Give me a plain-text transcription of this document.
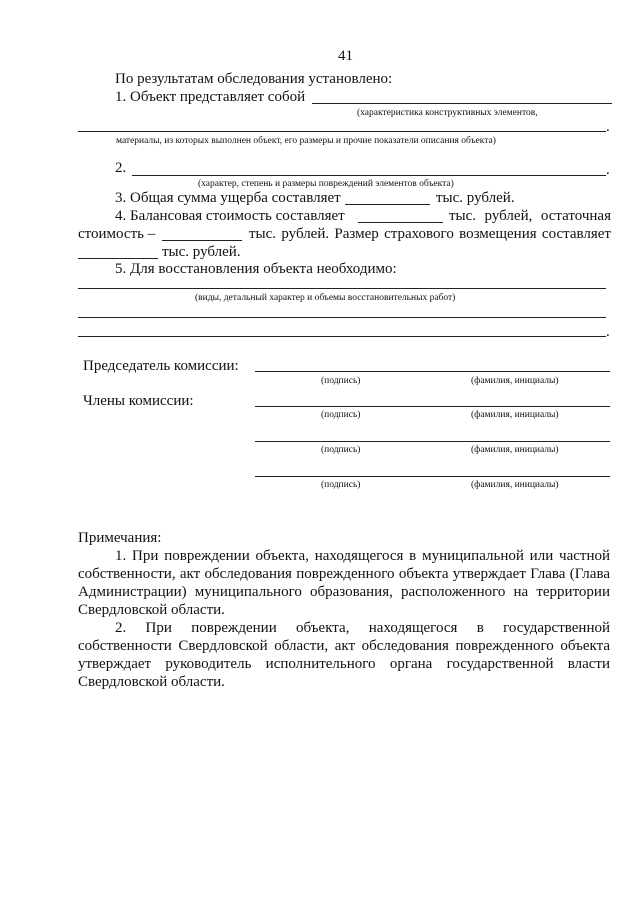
41
По результатам обследования установлено:
1. Объект представляет собой
(характеристика конструктивных элементов,
.
материалы, из которых выполнен объект, его размеры и прочие показатели описания объекта)
2.	.
(характер, степень и размеры повреждений элементов объекта)
3. Общая сумма ущерба составляет	тыс. рублей.
4. Балансовая стоимость составляет	тыс. рублей, остаточная
стоимость –	тыс. рублей. Размер страхового возмещения составляет
тыс. рублей.
5. Для восстановления объекта необходимо:
(виды, детальный характер и объемы восстановительных работ)
.
Председатель комиссии:
(подпись)	(фамилия, инициалы)
Члены комиссии:
(подпись)	(фамилия, инициалы)
(подпись)	(фамилия, инициалы)
(подпись)	(фамилия, инициалы)
Примечания:
1. При повреждении объекта, находящегося в муниципальной или частной
собственности, акт обследования поврежденного объекта утверждает Глава (Глава
Администрации) муниципального образования, расположенного на территории
Свердловской области.
2. При повреждении объекта, находящегося в государственной
собственности Свердловской области, акт обследования поврежденного объекта
утверждает руководитель исполнительного органа государственной власти
Свердловской области.
